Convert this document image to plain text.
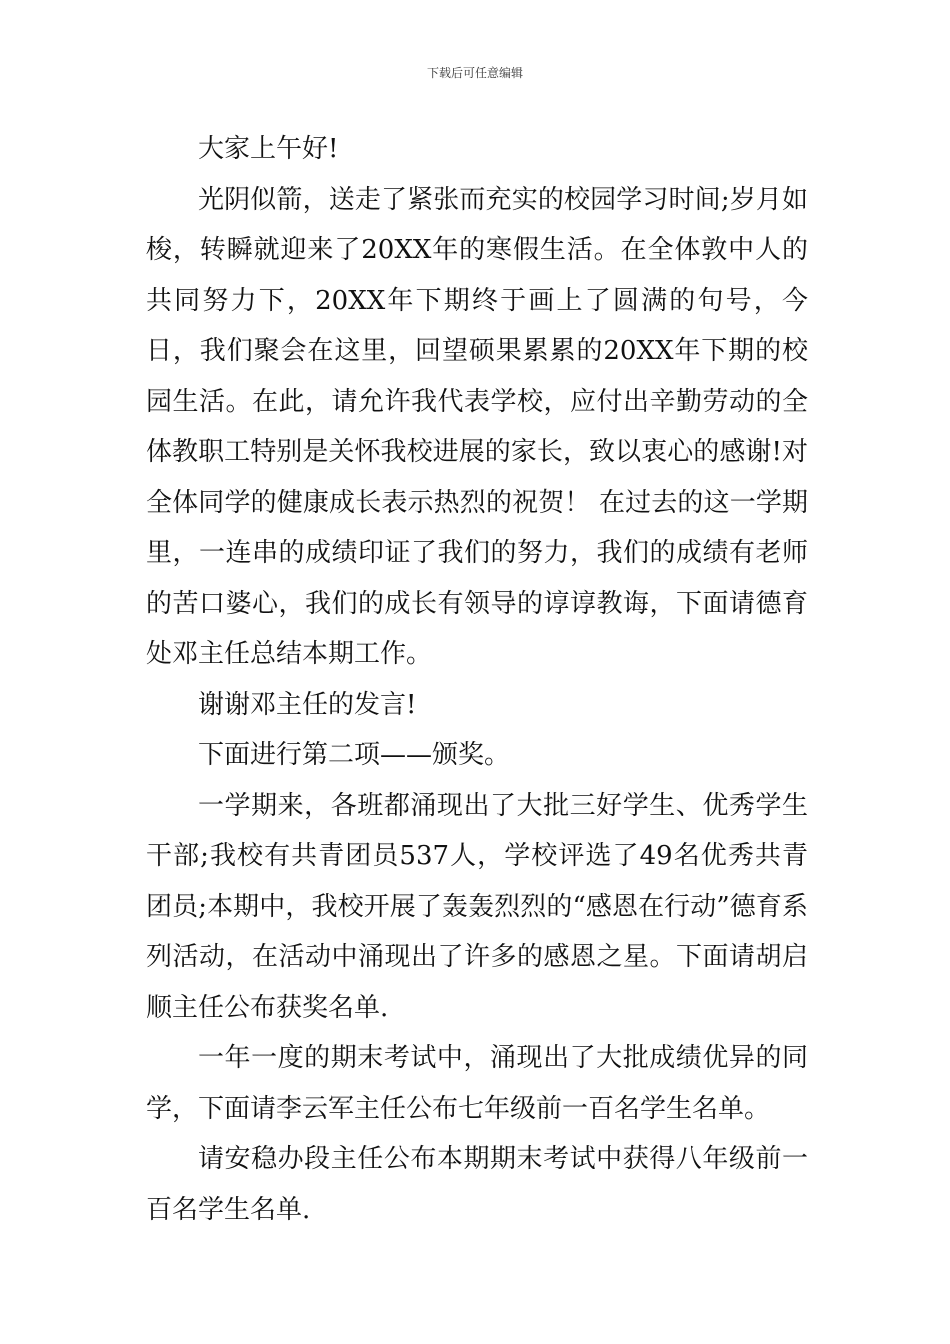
下载后可任意编辑

大家上午好!

光阴似箭，送走了紧张而充实的校园学习时间;岁月如梭，转瞬就迎来了20XX年的寒假生活。在全体敦中人的共同努力下，20XX年下期终于画上了圆满的句号，今日，我们聚会在这里，回望硕果累累的20XX年下期的校园生活。在此，请允许我代表学校，应付出辛勤劳动的全体教职工特别是关怀我校进展的家长，致以衷心的感谢!对全体同学的健康成长表示热烈的祝贺！ 在过去的这一学期里，一连串的成绩印证了我们的努力，我们的成绩有老师的苦口婆心，我们的成长有领导的谆谆教诲，下面请德育处邓主任总结本期工作。

谢谢邓主任的发言!

下面进行第二项——颁奖。

一学期来，各班都涌现出了大批三好学生、优秀学生干部;我校有共青团员537人，学校评选了49名优秀共青团员;本期中，我校开展了轰轰烈烈的“感恩在行动”德育系列活动，在活动中涌现出了许多的感恩之星。下面请胡启顺主任公布获奖名单.

一年一度的期末考试中，涌现出了大批成绩优异的同学，下面请李云军主任公布七年级前一百名学生名单。

请安稳办段主任公布本期期末考试中获得八年级前一百名学生名单.
